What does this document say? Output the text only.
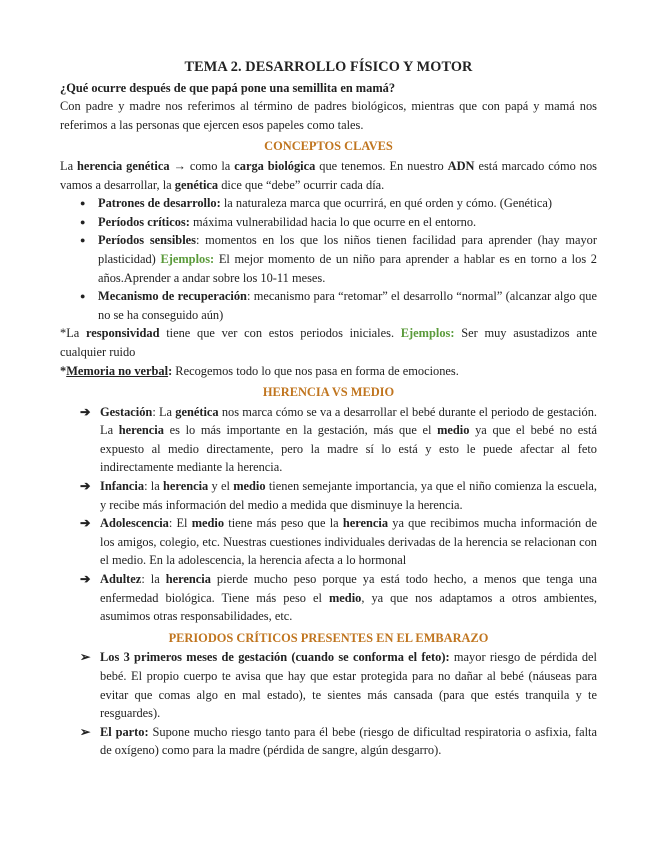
TEMA 2. DESARROLLO FÍSICO Y MOTOR

¿Qué ocurre después de que papá pone una semillita en mamá?

Con padre y madre nos referimos al término de padres biológicos, mientras que con papá y mamá nos referimos a las personas que ejercen esos papeles como tales.

CONCEPTOS CLAVES

La herencia genética → como la carga biológica que tenemos. En nuestro ADN está marcado cómo nos vamos a desarrollar, la genética dice que “debe” ocurrir cada día.

● Patrones de desarrollo: la naturaleza marca que ocurrirá, en qué orden y cómo. (Genética)
● Períodos críticos: máxima vulnerabilidad hacia lo que ocurre en el entorno.
● Períodos sensibles: momentos en los que los niños tienen facilidad para aprender (hay mayor plasticidad) Ejemplos: El mejor momento de un niño para aprender a hablar es en torno a los 2 años.Aprender a andar sobre los 10-11 meses.
● Mecanismo de recuperación: mecanismo para “retomar” el desarrollo “normal” (alcanzar algo que no se ha conseguido aún)

*La responsividad tiene que ver con estos periodos iniciales. Ejemplos: Ser muy asustadizos ante cualquier ruido

*Memoria no verbal: Recogemos todo lo que nos pasa en forma de emociones.

HERENCIA VS MEDIO
➔ Gestación: La genética nos marca cómo se va a desarrollar el bebé durante el periodo de gestación. La herencia es lo más importante en la gestación, más que el medio ya que el bebé no está expuesto al medio directamente, pero la madre sí lo está y esto le puede afectar al feto indirectamente mediante la herencia.
➔ Infancia: la herencia y el medio tienen semejante importancia, ya que el niño comienza la escuela, y recibe más información del medio a medida que disminuye la herencia.
➔ Adolescencia: El medio tiene más peso que la herencia ya que recibimos mucha información de los amigos, colegio, etc. Nuestras cuestiones individuales derivadas de la herencia se relacionan con el medio. En la adolescencia, la herencia afecta a lo hormonal
➔ Adultez: la herencia pierde mucho peso porque ya está todo hecho, a menos que tenga una enfermedad biológica. Tiene más peso el medio, ya que nos adaptamos a otros ambientes, asumimos otras responsabilidades, etc.
PERIODOS CRÍTICOS PRESENTES EN EL EMBARAZO
➢ Los 3 primeros meses de gestación (cuando se conforma el feto): mayor riesgo de pérdida del bebé. El propio cuerpo te avisa que hay que estar protegida para no dañar al bebé (náuseas para evitar que comas algo en mal estado), te sientes más cansada (para que estés tranquila y te resguardes).
➢ El parto: Supone mucho riesgo tanto para él bebe (riesgo de dificultad respiratoria o asfixia, falta de oxígeno) como para la madre (pérdida de sangre, algún desgarro).
